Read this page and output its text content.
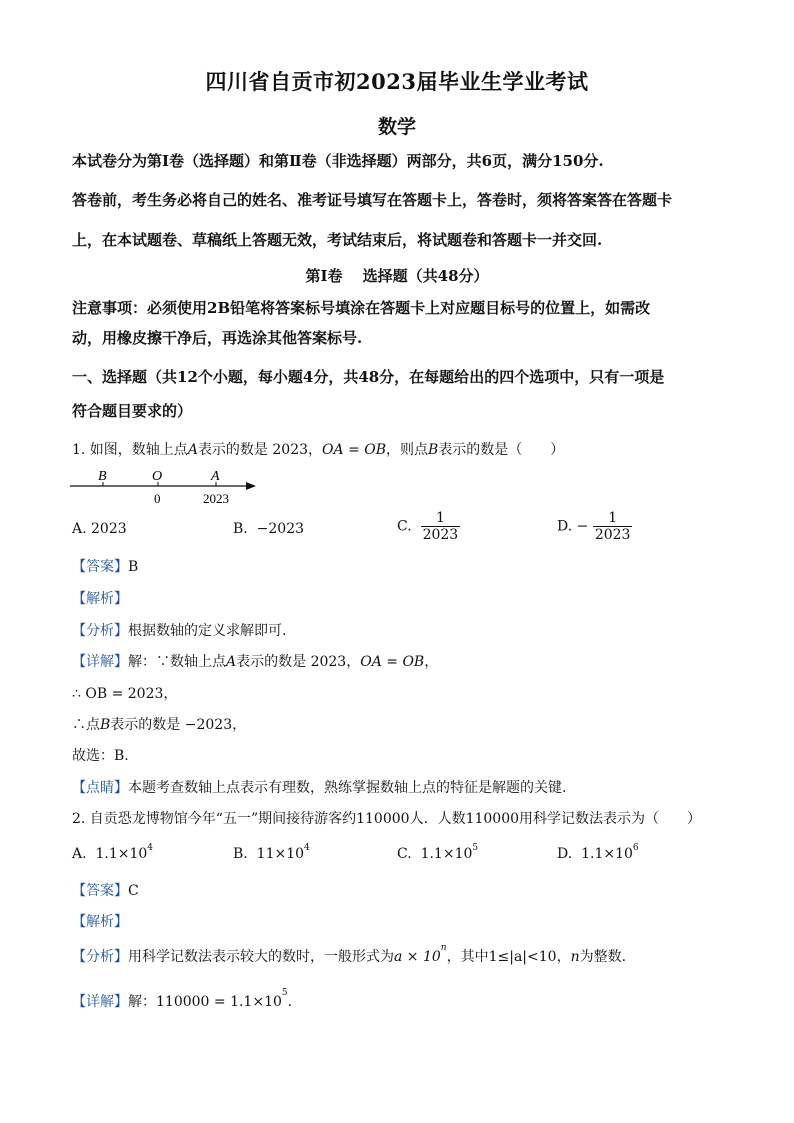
四川省自贡市初2023届毕业生学业考试
数学
本试卷分为第Ⅰ卷（选择题）和第Ⅱ卷（非选择题）两部分，共6页，满分150分.
答卷前，考生务必将自己的姓名、准考证号填写在答题卡上，答卷时，须将答案答在答题卡
上，在本试题卷、草稿纸上答题无效，考试结束后，将试题卷和答题卡一并交回.
第Ⅰ卷　 选择题（共48分）
注意事项：必须使用2B铅笔将答案标号填涂在答题卡上对应题目标号的位置上，如需改
动，用橡皮擦干净后，再选涂其他答案标号.
一、选择题（共12个小题，每小题4分，共48分，在每题给出的四个选项中，只有一项是
符合题目要求的）
1. 如图，数轴上点A表示的数是 2023，OA = OB，则点B表示的数是（　　）
B	O	A
0	2023
A. 2023	B. −2023	C. $\frac{1}{2023}$	D. − $\frac{1}{2023}$
【答案】B
【解析】
【分析】根据数轴的定义求解即可.
【详解】解：∵数轴上点A表示的数是 2023，OA = OB，
∴ OB = 2023，
∴点B表示的数是 −2023，
故选：B.
【点睛】本题考查数轴上点表示有理数，熟练掌握数轴上点的特征是解题的关键.
2. 自贡恐龙博物馆今年“五一”期间接待游客约110000人．人数110000用科学记数法表示为（　　）
A. $1.1\times 10^4$	B. $11\times 10^4$	C. $1.1\times 10^5$	D. $1.1\times 10^6$
【答案】C
【解析】
【分析】用科学记数法表示较大的数时，一般形式为$a \times 10^n$，其中1≤|a|<10，n为整数.
【详解】解：$110000 = 1.1\times 10^5$.
